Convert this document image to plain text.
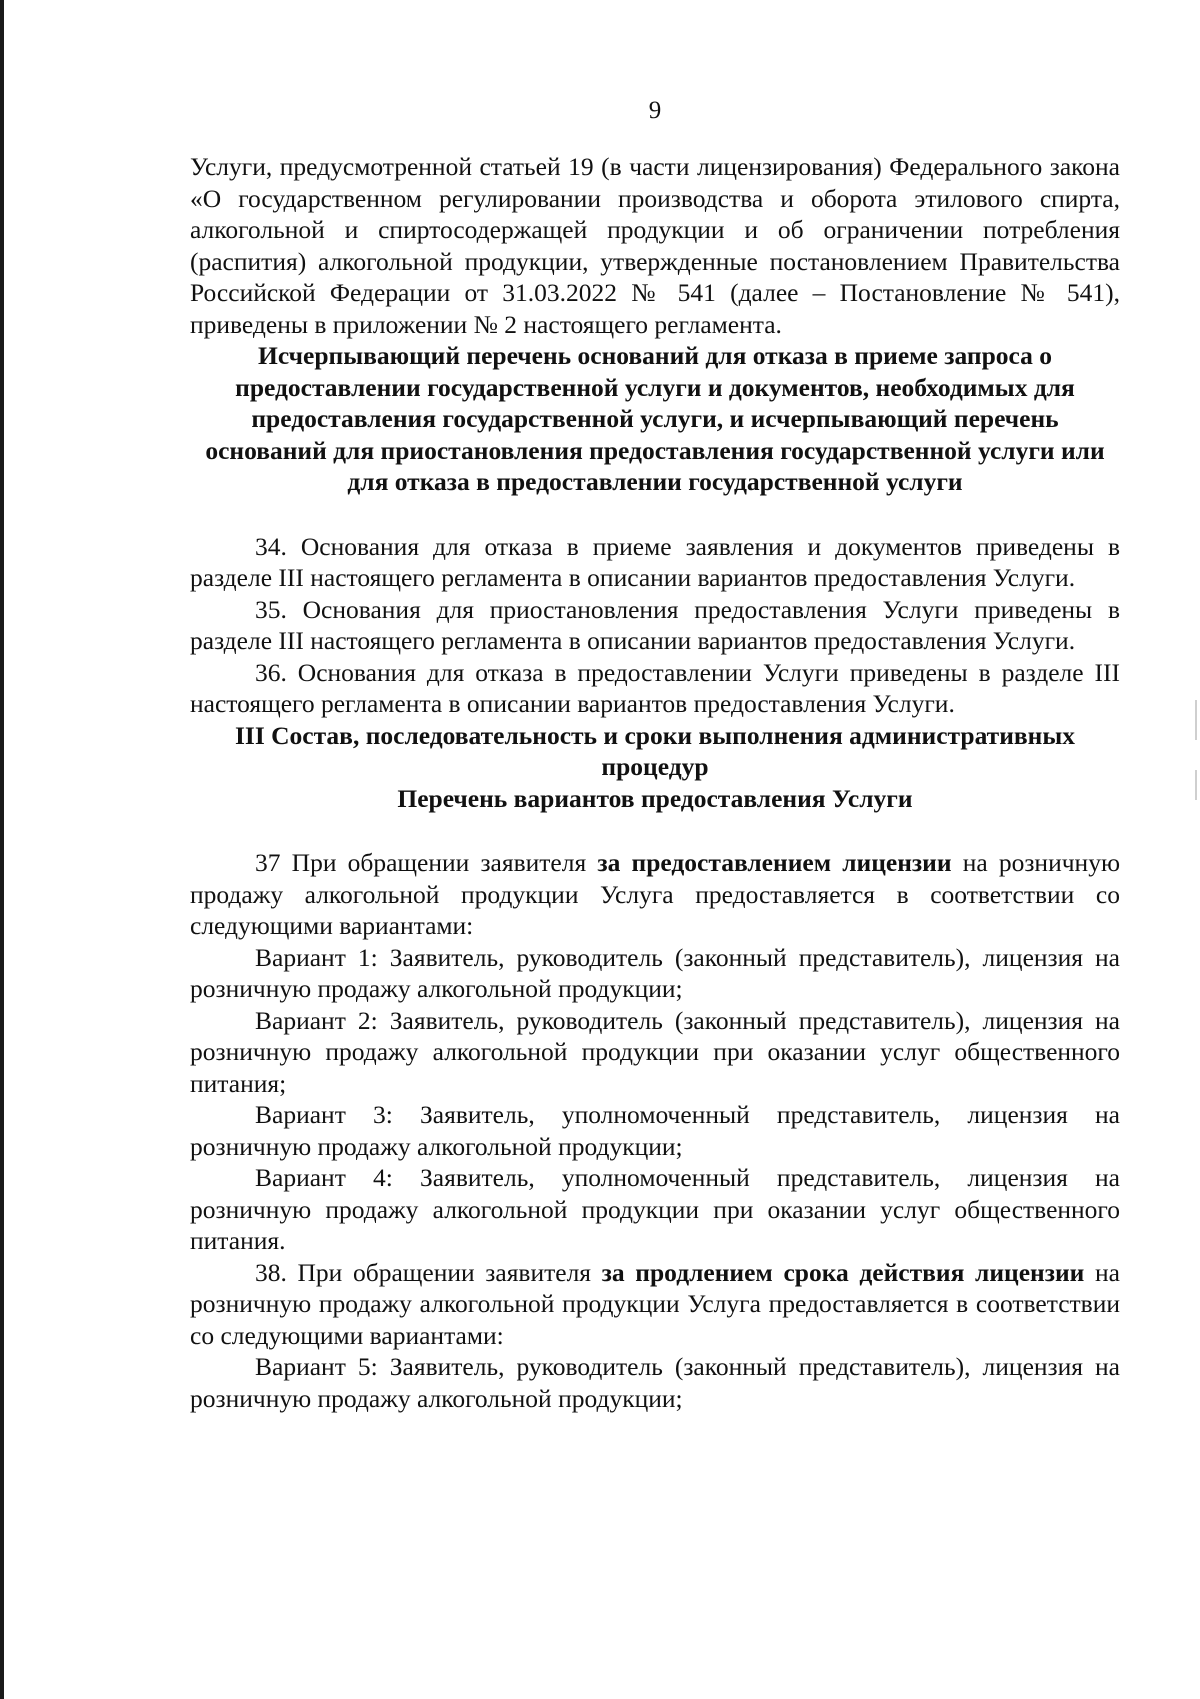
9

Услуги, предусмотренной статьей 19 (в части лицензирования) Федерального закона «О государственном регулировании производства и оборота этилового спирта, алкогольной и спиртосодержащей продукции и об ограничении потребления (распития) алкогольной продукции, утвержденные постановлением Правительства Российской Федерации от 31.03.2022 № 541 (далее – Постановление № 541), приведены в приложении № 2 настоящего регламента.

Исчерпывающий перечень оснований для отказа в приеме запроса о предоставлении государственной услуги и документов, необходимых для предоставления государственной услуги, и исчерпывающий перечень оснований для приостановления предоставления государственной услуги или для отказа в предоставлении государственной услуги

34. Основания для отказа в приеме заявления и документов приведены в разделе III настоящего регламента в описании вариантов предоставления Услуги.

35. Основания для приостановления предоставления Услуги приведены в разделе III настоящего регламента в описании вариантов предоставления Услуги.

36. Основания для отказа в предоставлении Услуги приведены в разделе III настоящего регламента в описании вариантов предоставления Услуги.

III Состав, последовательность и сроки выполнения административных процедур

Перечень вариантов предоставления Услуги

37 При обращении заявителя за предоставлением лицензии на розничную продажу алкогольной продукции Услуга предоставляется в соответствии со следующими вариантами:

Вариант 1: Заявитель, руководитель (законный представитель), лицензия на розничную продажу алкогольной продукции;

Вариант 2: Заявитель, руководитель (законный представитель), лицензия на розничную продажу алкогольной продукции при оказании услуг общественного питания;

Вариант 3: Заявитель, уполномоченный представитель, лицензия на розничную продажу алкогольной продукции;

Вариант 4: Заявитель, уполномоченный представитель, лицензия на розничную продажу алкогольной продукции при оказании услуг общественного питания.

38. При обращении заявителя за продлением срока действия лицензии на розничную продажу алкогольной продукции Услуга предоставляется в соответствии со следующими вариантами:

Вариант 5: Заявитель, руководитель (законный представитель), лицензия на розничную продажу алкогольной продукции;
